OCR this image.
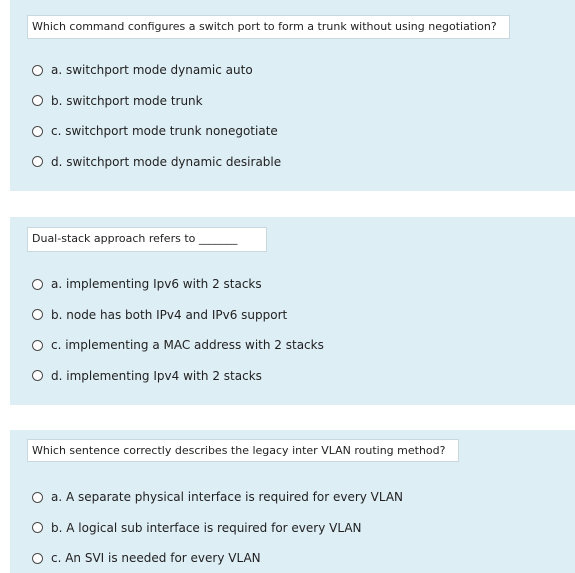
Which command configures a switch port to form a trunk without using negotiation?
a. switchport mode dynamic auto
b. switchport mode trunk
c. switchport mode trunk nonegotiate
d. switchport mode dynamic desirable
Dual-stack approach refers to _______
a. implementing Ipv6 with 2 stacks
b. node has both IPv4 and IPv6 support
c. implementing a MAC address with 2 stacks
d. implementing Ipv4 with 2 stacks
Which sentence correctly describes the legacy inter VLAN routing method?
a. A separate physical interface is required for every VLAN
b. A logical sub interface is required for every VLAN
c. An SVI is needed for every VLAN
